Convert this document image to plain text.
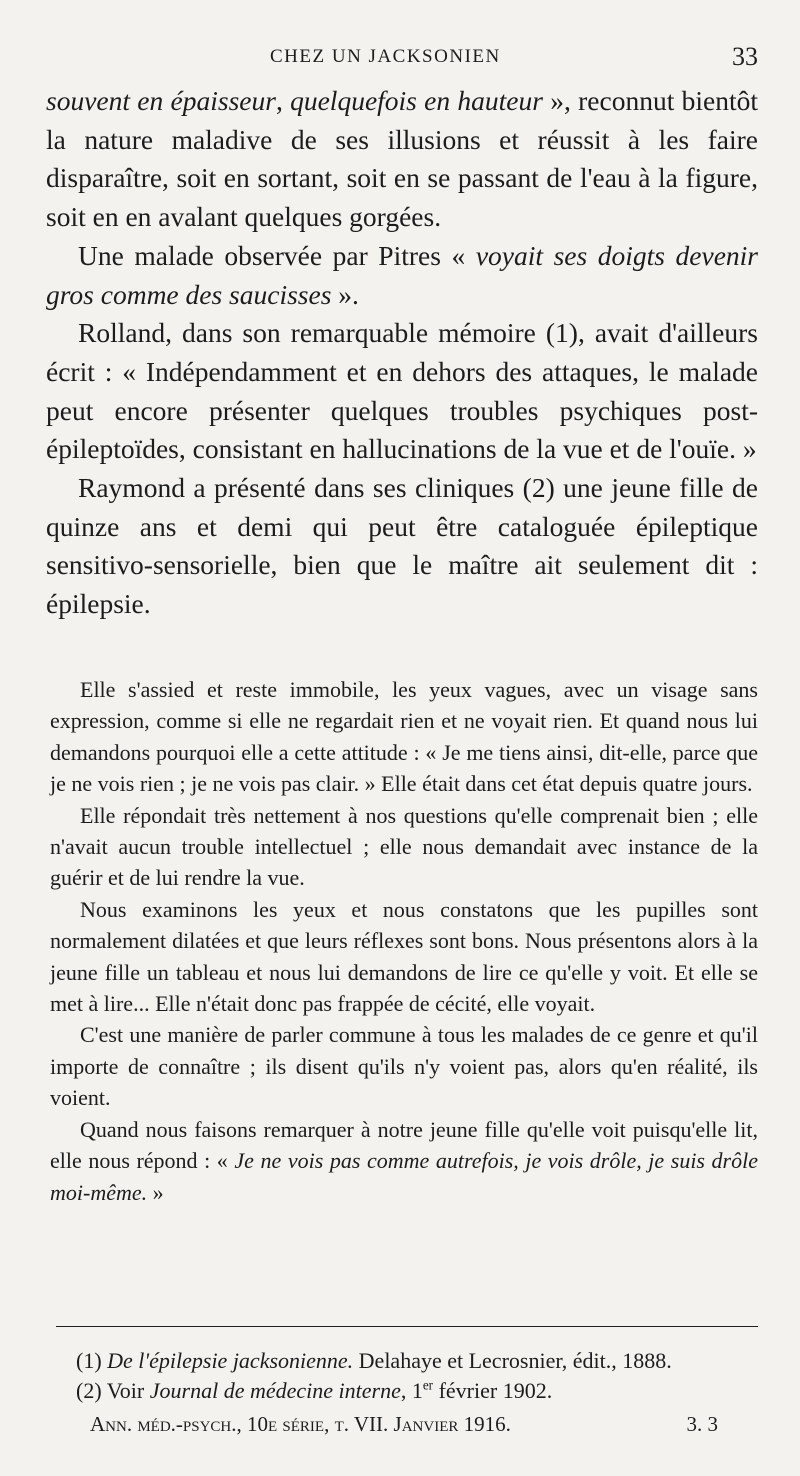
CHEZ UN JACKSONIEN	33

souvent en épaisseur, quelquefois en hauteur », reconnut bientôt la nature maladive de ses illusions et réussit à les faire disparaître, soit en sortant, soit en se passant de l'eau à la figure, soit en en avalant quelques gorgées.

Une malade observée par Pitres « voyait ses doigts devenir gros comme des saucisses ».

Rolland, dans son remarquable mémoire (1), avait d'ailleurs écrit : « Indépendamment et en dehors des attaques, le malade peut encore présenter quelques troubles psychiques post-épileptoïdes, consistant en hallucinations de la vue et de l'ouïe. »

Raymond a présenté dans ses cliniques (2) une jeune fille de quinze ans et demi qui peut être cataloguée épileptique sensitivo-sensorielle, bien que le maître ait seulement dit : épilepsie.

Elle s'assied et reste immobile, les yeux vagues, avec un visage sans expression, comme si elle ne regardait rien et ne voyait rien. Et quand nous lui demandons pourquoi elle a cette attitude : « Je me tiens ainsi, dit-elle, parce que je ne vois rien ; je ne vois pas clair. » Elle était dans cet état depuis quatre jours.

Elle répondait très nettement à nos questions qu'elle comprenait bien ; elle n'avait aucun trouble intellectuel ; elle nous demandait avec instance de la guérir et de lui rendre la vue.

Nous examinons les yeux et nous constatons que les pupilles sont normalement dilatées et que leurs réflexes sont bons. Nous présentons alors à la jeune fille un tableau et nous lui demandons de lire ce qu'elle y voit. Et elle se met à lire... Elle n'était donc pas frappée de cécité, elle voyait.

C'est une manière de parler commune à tous les malades de ce genre et qu'il importe de connaître ; ils disent qu'ils n'y voient pas, alors qu'en réalité, ils voient.

Quand nous faisons remarquer à notre jeune fille qu'elle voit puisqu'elle lit, elle nous répond : « Je ne vois pas comme autrefois, je vois drôle, je suis drôle moi-même. »

(1) De l'épilepsie jacksonienne. Delahaye et Lecrosnier, édit., 1888.
(2) Voir Journal de médecine interne, 1er février 1902.
Ann. méd.-psych., 10e série, t. VII. Janvier 1916.	3. 3
